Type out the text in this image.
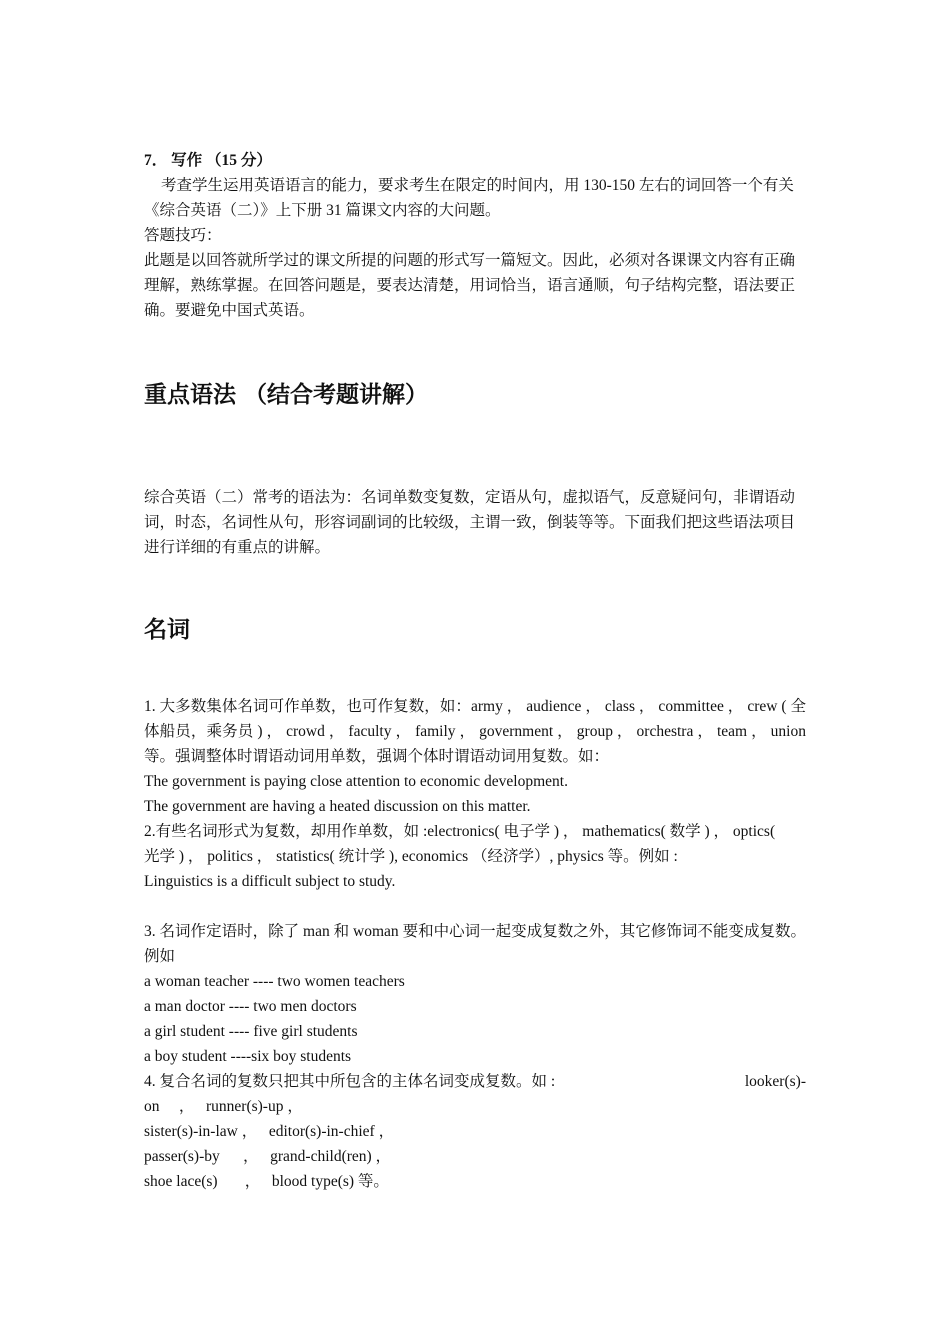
7． 写作 （15 分）

考查学生运用英语语言的能力，要求考生在限定的时间内，用 130-150 左右的词回答一个有关《综合英语（二）》上下册 31 篇课文内容的大问题。

答题技巧：

此题是以回答就所学过的课文所提的问题的形式写一篇短文。因此，必须对各课课文内容有正确理解，熟练掌握。在回答问题是，要表达清楚，用词恰当，语言通顺，句子结构完整，语法要正确。要避免中国式英语。

重点语法 （结合考题讲解）

综合英语（二）常考的语法为：名词单数变复数，定语从句，虚拟语气，反意疑问句，非谓语动词，时态，名词性从句，形容词副词的比较级，主谓一致，倒装等等。下面我们把这些语法项目进行详细的有重点的讲解。

名词

1. 大多数集体名词可作单数，也可作复数，如：army ， audience ， class ， committee ， crew ( 全体船员，乘务员 ) ， crowd ， faculty ， family ， government ， group ， orchestra ， team ， union 等。强调整体时谓语动词用单数，强调个体时谓语动词用复数。如：

The government is paying close attention to economic development.

The government are having a heated discussion on this matter.

2.有些名词形式为复数，却用作单数，如 :electronics( 电子学 ) ， mathematics( 数学 ) ， optics(

光学 ) ， politics ， statistics( 统计学 ), economics （经济学）, physics 等。例如 :

Linguistics is a difficult subject to study.

3. 名词作定语时，除了 man 和 woman 要和中心词一起变成复数之外，其它修饰词不能变成复数。例如

a woman teacher ---- two women teachers

a man doctor ---- two men doctors

a girl student ---- five girl students

a boy student ----six boy students

4. 复合名词的复数只把其中所包含的主体名词变成复数。如 :	looker(s)-

on     ，   runner(s)-up ，

sister(s)-in-law ，   editor(s)-in-chief ，

passer(s)-by      ，   grand-child(ren) ，

shoe lace(s)       ，   blood type(s) 等。
